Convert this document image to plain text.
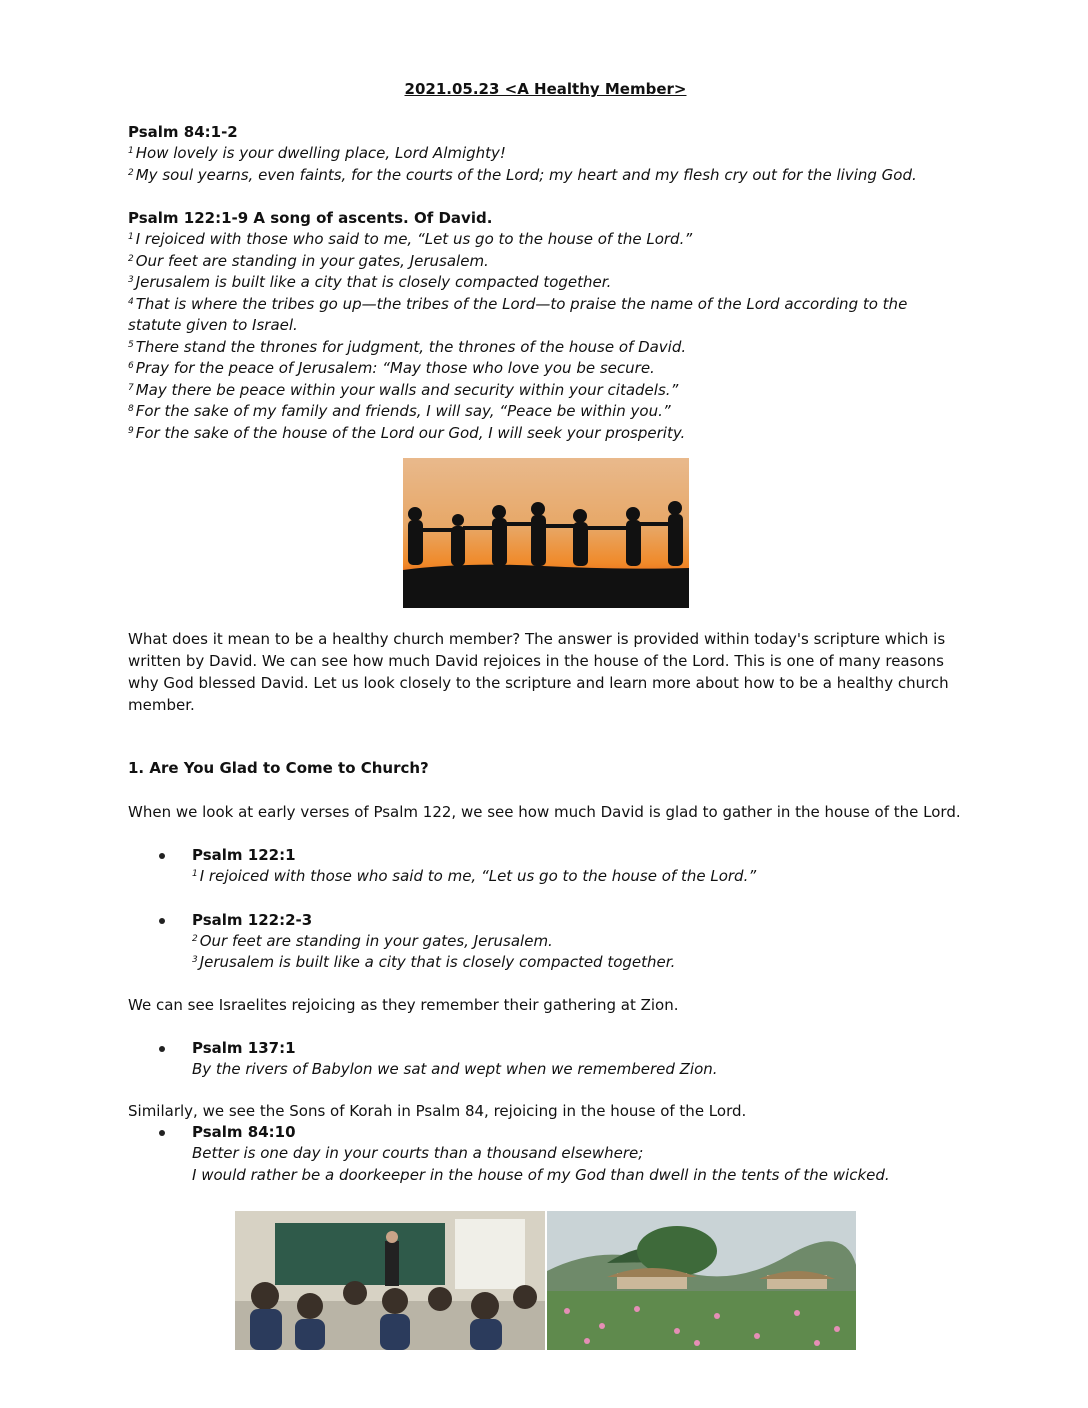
2021.05.23 <A Healthy Member>

Psalm 84:1-2

$^1$ How lovely is your dwelling place, Lord Almighty!

$^2$ My soul yearns, even faints, for the courts of the Lord; my heart and my flesh cry out for the living God.

Psalm 122:1-9 A song of ascents. Of David.

$^1$ I rejoiced with those who said to me, “Let us go to the house of the Lord.”

$^2$ Our feet are standing in your gates, Jerusalem.

$^3$ Jerusalem is built like a city that is closely compacted together.

$^4$ That is where the tribes go up—the tribes of the Lord—to praise the name of the Lord according to the statute given to Israel.

$^5$ There stand the thrones for judgment, the thrones of the house of David.

$^6$ Pray for the peace of Jerusalem: “May those who love you be secure.

$^7$ May there be peace within your walls and security within your citadels.”

$^8$ For the sake of my family and friends, I will say, “Peace be within you.”

$^9$ For the sake of the house of the Lord our God, I will seek your prosperity.

What does it mean to be a healthy church member? The answer is provided within today's scripture which is written by David. We can see how much David rejoices in the house of the Lord. This is one of many reasons why God blessed David. Let us look closely to the scripture and learn more about how to be a healthy church member.

1. Are You Glad to Come to Church?

When we look at early verses of Psalm 122, we see how much David is glad to gather in the house of the Lord.

Psalm 122:1

$^1$ I rejoiced with those who said to me, “Let us go to the house of the Lord.”

Psalm 122:2-3

$^2$ Our feet are standing in your gates, Jerusalem.

$^3$ Jerusalem is built like a city that is closely compacted together.

We can see Israelites rejoicing as they remember their gathering at Zion.

Psalm 137:1

By the rivers of Babylon we sat and wept when we remembered Zion.

Similarly, we see the Sons of Korah in Psalm 84, rejoicing in the house of the Lord.

Psalm 84:10

Better is one day in your courts than a thousand elsewhere;

I would rather be a doorkeeper in the house of my God than dwell in the tents of the wicked.
